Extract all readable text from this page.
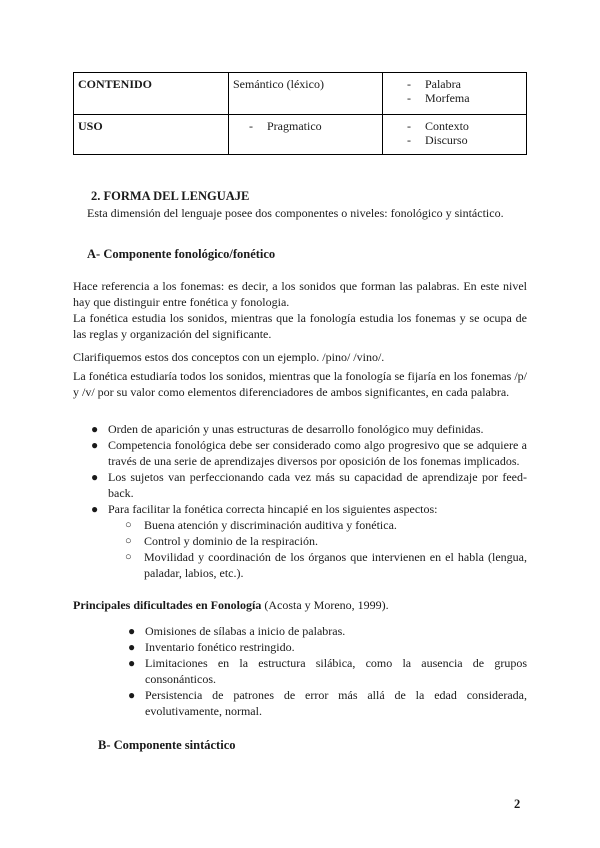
CONTENIDO	Semántico (léxico)	- Palabra
- Morfema

USO	- Pragmatico	- Contexto
- Discurso
2. FORMA DEL LENGUAJE

Esta dimensión del lenguaje posee dos componentes o niveles: fonológico y sintáctico.

A- Componente fonológico/fonético

Hace referencia a los fonemas: es decir, a los sonidos que forman las palabras. En este nivel hay que distinguir entre fonética y fonologia.

La fonética estudia los sonidos, mientras que la fonología estudia los fonemas y se ocupa de las reglas y organización del significante.

Clarifiquemos estos dos conceptos con un ejemplo. /pino/ /vino/.

La fonética estudiaría todos los sonidos, mientras que la fonología se fijaría en los fonemas /p/ y /v/ por su valor como elementos diferenciadores de ambos significantes, en cada palabra.

● Orden de aparición y unas estructuras de desarrollo fonológico muy definidas.
● Competencia fonológica debe ser considerado como algo progresivo que se adquiere a través de una serie de aprendizajes diversos por oposición de los fonemas implicados.
● Los sujetos van perfeccionando cada vez más su capacidad de aprendizaje por feed-back.
● Para facilitar la fonética correcta hincapié en los siguientes aspectos:
○ Buena atención y discriminación auditiva y fonética.
○ Control y dominio de la respiración.
○ Movilidad y coordinación de los órganos que intervienen en el habla (lengua, paladar, labios, etc.).

Principales dificultades en Fonología (Acosta y Moreno, 1999).

● Omisiones de sílabas a inicio de palabras.
● Inventario fonético restringido.
● Limitaciones en la estructura silábica, como la ausencia de grupos consonánticos.
● Persistencia de patrones de error más allá de la edad considerada, evolutivamente, normal.

B- Componente sintáctico

2
